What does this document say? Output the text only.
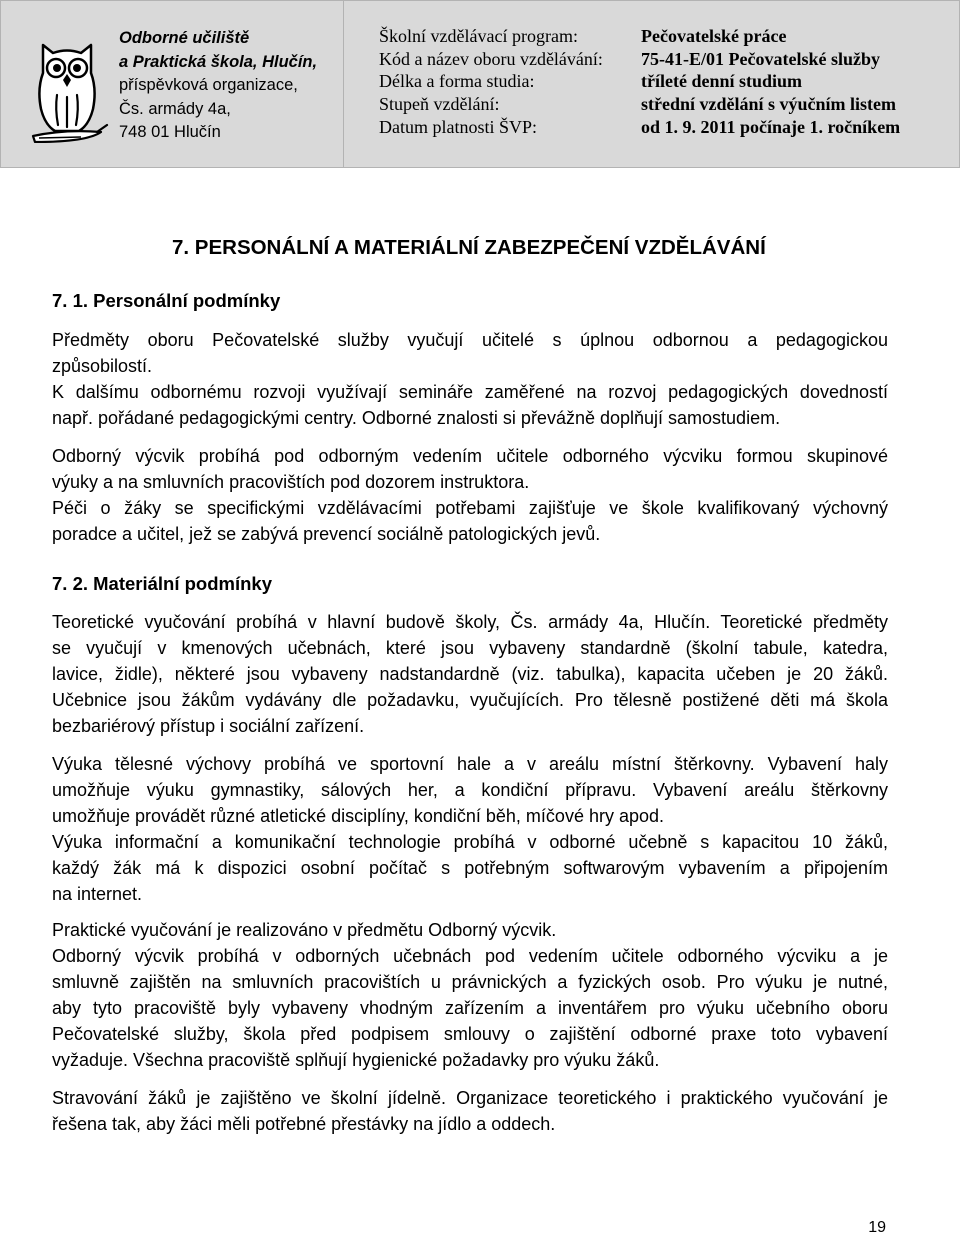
Odborné učiliště
a Praktická škola, Hlučín,
příspěvková organizace,
Čs. armády 4a,
748 01 Hlučín
Školní vzdělávací program:	Pečovatelské práce
Kód a název oboru vzdělávání: 75-41-E/01 Pečovatelské služby
Délka a forma studia:	tříleté denní studium
Stupeň vzdělání:	střední vzdělání s výučním listem
Datum platnosti ŠVP:	od 1. 9. 2011 počínaje 1. ročníkem
7. PERSONÁLNÍ A MATERIÁLNÍ ZABEZPEČENÍ VZDĚLÁVÁNÍ
7. 1. Personální podmínky
Předměty oboru Pečovatelské služby vyučují učitelé s úplnou odbornou a pedagogickou
způsobilostí.
K dalšímu odbornému rozvoji využívají semináře zaměřené na rozvoj pedagogických dovedností
např. pořádané pedagogickými centry. Odborné znalosti si převážně doplňují samostudiem.
Odborný výcvik probíhá pod odborným vedením učitele odborného výcviku formou skupinové
výuky a na smluvních pracovištích pod dozorem instruktora.
Péči o žáky se specifickými vzdělávacími potřebami zajišťuje ve škole kvalifikovaný výchovný
poradce a učitel, jež se zabývá prevencí sociálně patologických jevů.
7. 2. Materiální podmínky
Teoretické vyučování probíhá v hlavní budově školy, Čs. armády 4a, Hlučín. Teoretické předměty
se vyučují v kmenových učebnách, které jsou vybaveny standardně (školní tabule, katedra,
lavice, židle), některé jsou vybaveny nadstandardně (viz. tabulka), kapacita učeben je 20 žáků.
Učebnice jsou žákům vydávány dle požadavku, vyučujících. Pro tělesně postižené děti má škola
bezbariérový přístup i sociální zařízení.
Výuka tělesné výchovy probíhá ve sportovní hale a v areálu místní štěrkovny. Vybavení haly
umožňuje výuku gymnastiky, sálových her, a kondiční přípravu. Vybavení areálu štěrkovny
umožňuje provádět různé atletické disciplíny, kondiční běh, míčové hry apod.
Výuka informační a komunikační technologie probíhá v odborné učebně s kapacitou 10 žáků,
každý žák má k dispozici osobní počítač s potřebným softwarovým vybavením a připojením
na internet.
Praktické vyučování je realizováno v předmětu Odborný výcvik.
Odborný výcvik probíhá v odborných učebnách pod vedením učitele odborného výcviku a je
smluvně zajištěn na smluvních pracovištích u právnických a fyzických osob. Pro výuku je nutné,
aby tyto pracoviště byly vybaveny vhodným zařízením a inventářem pro výuku učebního oboru
Pečovatelské služby, škola před podpisem smlouvy o zajištění odborné praxe toto vybavení
vyžaduje. Všechna pracoviště splňují hygienické požadavky pro výuku žáků.
Stravování žáků je zajištěno ve školní jídelně. Organizace teoretického i praktického vyučování je
řešena tak, aby žáci měli potřebné přestávky na jídlo a oddech.
19
